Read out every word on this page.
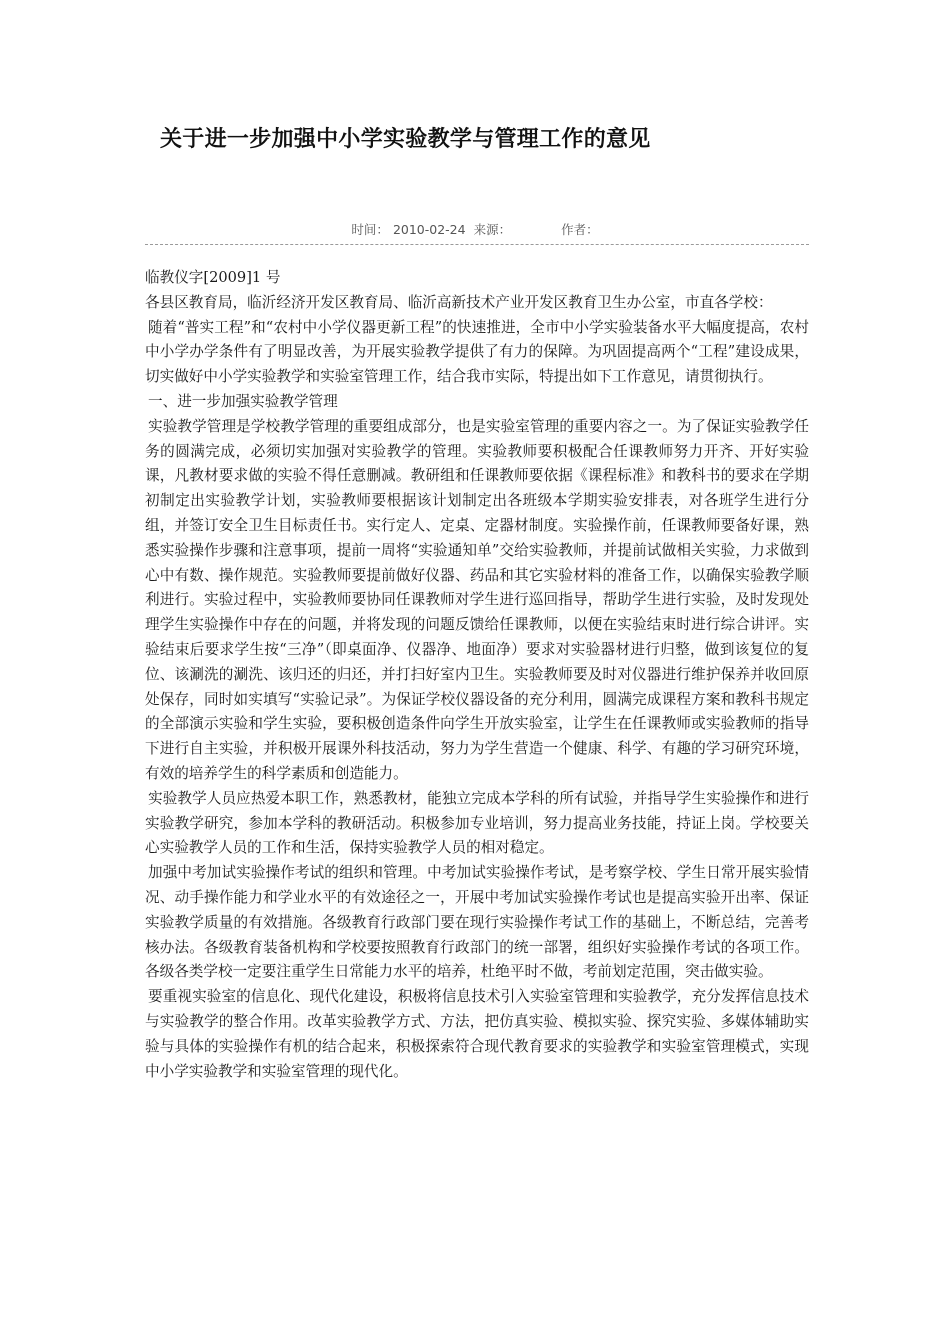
关于进一步加强中小学实验教学与管理工作的意见
时间： 2010-02-24 来源：	作者：

临教仪字[2009]1 号

各县区教育局，临沂经济开发区教育局、临沂高新技术产业开发区教育卫生办公室，市直各学校：

随着“普实工程”和“农村中小学仪器更新工程”的快速推进，全市中小学实验装备水平大幅度提高，农村中小学办学条件有了明显改善，为开展实验教学提供了有力的保障。为巩固提高两个“工程”建设成果，切实做好中小学实验教学和实验室管理工作，结合我市实际，特提出如下工作意见，请贯彻执行。

一、进一步加强实验教学管理

实验教学管理是学校教学管理的重要组成部分，也是实验室管理的重要内容之一。为了保证实验教学任务的圆满完成，必须切实加强对实验教学的管理。实验教师要积极配合任课教师努力开齐、开好实验课，凡教材要求做的实验不得任意删减。教研组和任课教师要依据《课程标准》和教科书的要求在学期初制定出实验教学计划，实验教师要根据该计划制定出各班级本学期实验安排表，对各班学生进行分组，并签订安全卫生目标责任书。实行定人、定桌、定器材制度。实验操作前，任课教师要备好课，熟悉实验操作步骤和注意事项，提前一周将“实验通知单”交给实验教师，并提前试做相关实验，力求做到心中有数、操作规范。实验教师要提前做好仪器、药品和其它实验材料的准备工作，以确保实验教学顺利进行。实验过程中，实验教师要协同任课教师对学生进行巡回指导，帮助学生进行实验，及时发现处理学生实验操作中存在的问题，并将发现的问题反馈给任课教师，以便在实验结束时进行综合讲评。实验结束后要求学生按“三净”（即桌面净、仪器净、地面净）要求对实验器材进行归整，做到该复位的复位、该涮洗的涮洗、该归还的归还，并打扫好室内卫生。实验教师要及时对仪器进行维护保养并收回原处保存，同时如实填写“实验记录”。为保证学校仪器设备的充分利用，圆满完成课程方案和教科书规定的全部演示实验和学生实验，要积极创造条件向学生开放实验室，让学生在任课教师或实验教师的指导下进行自主实验，并积极开展课外科技活动，努力为学生营造一个健康、科学、有趣的学习研究环境，有效的培养学生的科学素质和创造能力。

实验教学人员应热爱本职工作，熟悉教材，能独立完成本学科的所有试验，并指导学生实验操作和进行实验教学研究，参加本学科的教研活动。积极参加专业培训，努力提高业务技能，持证上岗。学校要关心实验教学人员的工作和生活，保持实验教学人员的相对稳定。

加强中考加试实验操作考试的组织和管理。中考加试实验操作考试，是考察学校、学生日常开展实验情况、动手操作能力和学业水平的有效途径之一，开展中考加试实验操作考试也是提高实验开出率、保证实验教学质量的有效措施。各级教育行政部门要在现行实验操作考试工作的基础上，不断总结，完善考核办法。各级教育装备机构和学校要按照教育行政部门的统一部署，组织好实验操作考试的各项工作。各级各类学校一定要注重学生日常能力水平的培养，杜绝平时不做，考前划定范围，突击做实验。

要重视实验室的信息化、现代化建设，积极将信息技术引入实验室管理和实验教学，充分发挥信息技术与实验教学的整合作用。改革实验教学方式、方法，把仿真实验、模拟实验、探究实验、多媒体辅助实验与具体的实验操作有机的结合起来，积极探索符合现代教育要求的实验教学和实验室管理模式，实现中小学实验教学和实验室管理的现代化。
